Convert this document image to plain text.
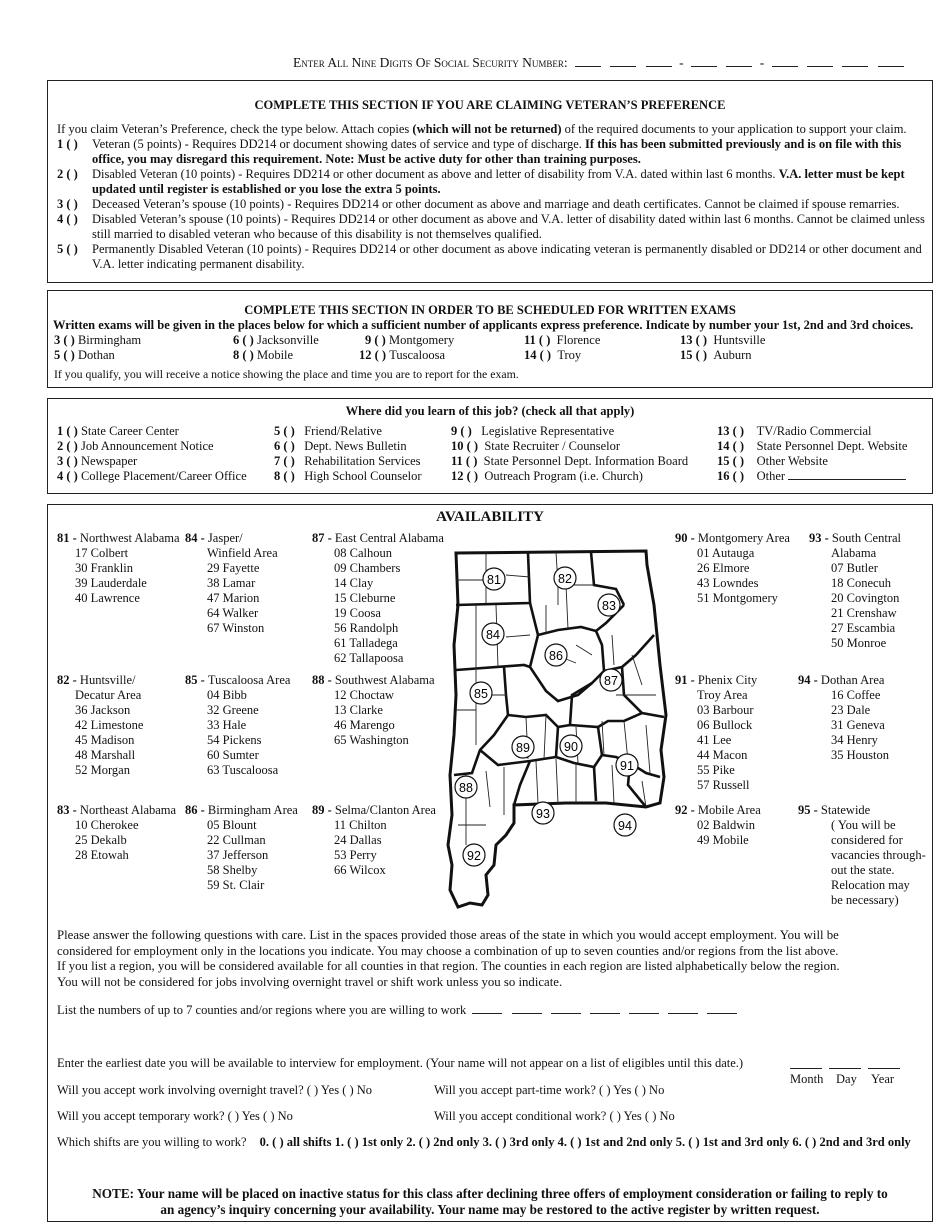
Enter All Nine Digits Of Social Security Number:	-	-
COMPLETE THIS SECTION IF YOU ARE CLAIMING VETERAN’S PREFERENCE
If you claim Veteran’s Preference, check the type below. Attach copies (which will not be returned) of the required documents to your application to support your claim.
1 ( ) Veteran (5 points) - Requires DD214 or document showing dates of service and type of discharge. If this has been submitted previously and is on file with this office, you may disregard this requirement. Note: Must be active duty for other than training purposes.
2 ( ) Disabled Veteran (10 points) - Requires DD214 or other document as above and letter of disability from V.A. dated within last 6 months. V.A. letter must be kept updated until register is established or you lose the extra 5 points.
3 ( ) Deceased Veteran’s spouse (10 points) - Requires DD214 or other document as above and marriage and death certificates. Cannot be claimed if spouse remarries.
4 ( ) Disabled Veteran’s spouse (10 points) - Requires DD214 or other document as above and V.A. letter of disability dated within last 6 months. Cannot be claimed unless still married to disabled veteran who because of this disability is not themselves qualified.
5 ( ) Permanently Disabled Veteran (10 points) - Requires DD214 or other document as above indicating veteran is permanently disabled or DD214 or other document and V.A. letter indicating permanent disability.
COMPLETE THIS SECTION IN ORDER TO BE SCHEDULED FOR WRITTEN EXAMS
Written exams will be given in the places below for which a sufficient number of applicants express preference. Indicate by number your 1st, 2nd and 3rd choices.
3 ( ) Birmingham	6 ( ) Jacksonville	9 ( ) Montgomery	11 ( ) Florence	13 ( ) Huntsville
5 ( ) Dothan	8 ( ) Mobile	12 ( ) Tuscaloosa	14 ( ) Troy	15 ( ) Auburn
If you qualify, you will receive a notice showing the place and time you are to report for the exam.
Where did you learn of this job? (check all that apply)
1 ( ) State Career Center
2 ( ) Job Announcement Notice
3 ( ) Newspaper
4 ( ) College Placement/Career Office
5 ( ) Friend/Relative
6 ( ) Dept. News Bulletin
7 ( ) Rehabilitation Services
8 ( ) High School Counselor
9 ( ) Legislative Representative
10 ( ) State Recruiter / Counselor
11 ( ) State Personnel Dept. Information Board
12 ( ) Outreach Program (i.e. Church)
13 ( ) TV/Radio Commercial
14 ( ) State Personnel Dept. Website
15 ( ) Other Website
16 ( ) Other
AVAILABILITY
81 - Northwest Alabama
17 Colbert
30 Franklin
39 Lauderdale
40 Lawrence
84 - Jasper/
Winfield Area
29 Fayette
38 Lamar
47 Marion
64 Walker
67 Winston
87 - East Central Alabama
08 Calhoun
09 Chambers
14 Clay
15 Cleburne
19 Coosa
56 Randolph
61 Talladega
62 Tallapoosa
90 - Montgomery Area
01 Autauga
26 Elmore
43 Lowndes
51 Montgomery
93 - South Central
Alabama
07 Butler
18 Conecuh
20 Covington
21 Crenshaw
27 Escambia
50 Monroe
82 - Huntsville/
Decatur Area
36 Jackson
42 Limestone
45 Madison
48 Marshall
52 Morgan
85 - Tuscaloosa Area
04 Bibb
32 Greene
33 Hale
54 Pickens
60 Sumter
63 Tuscaloosa
88 - Southwest Alabama
12 Choctaw
13 Clarke
46 Marengo
65 Washington
91 - Phenix City
Troy Area
03 Barbour
06 Bullock
41 Lee
44 Macon
55 Pike
57 Russell
94 - Dothan Area
16 Coffee
23 Dale
31 Geneva
34 Henry
35 Houston
83 - Northeast Alabama
10 Cherokee
25 Dekalb
28 Etowah
86 - Birmingham Area
05 Blount
22 Cullman
37 Jefferson
58 Shelby
59 St. Clair
89 - Selma/Clanton Area
11 Chilton
24 Dallas
53 Perry
66 Wilcox
92 - Mobile Area
02 Baldwin
49 Mobile
95 - Statewide
( You will be
considered for
vacancies through-
out the state.
Relocation may
be necessary)
81	82
83
84
85
86
87
88
89	90
91
92
93
94
Please answer the following questions with care. List in the spaces provided those areas of the state in which you would accept employment. You will be
considered for employment only in the locations you indicate. You may choose a combination of up to seven counties and/or regions from the list above.
If you list a region, you will be considered available for all counties in that region. The counties in each region are listed alphabetically below the region.
You will not be considered for jobs involving overnight travel or shift work unless you so indicate.
List the numbers of up to 7 counties and/or regions where you are willing to work
Enter the earliest date you will be available to interview for employment. (Your name will not appear on a list of eligibles until this date.)
Month Day Year
Will you accept work involving overnight travel? ( ) Yes ( ) No	Will you accept part-time work? ( ) Yes ( ) No
Will you accept temporary work? ( ) Yes ( ) No	Will you accept conditional work? ( ) Yes ( ) No
Which shifts are you willing to work? 0. ( ) all shifts 1. ( ) 1st only 2. ( ) 2nd only 3. ( ) 3rd only 4. ( ) 1st and 2nd only 5. ( ) 1st and 3rd only 6. ( ) 2nd and 3rd only
NOTE: Your name will be placed on inactive status for this class after declining three offers of employment consideration or failing to reply to
an agency’s inquiry concerning your availability. Your name may be restored to the active register by written request.
